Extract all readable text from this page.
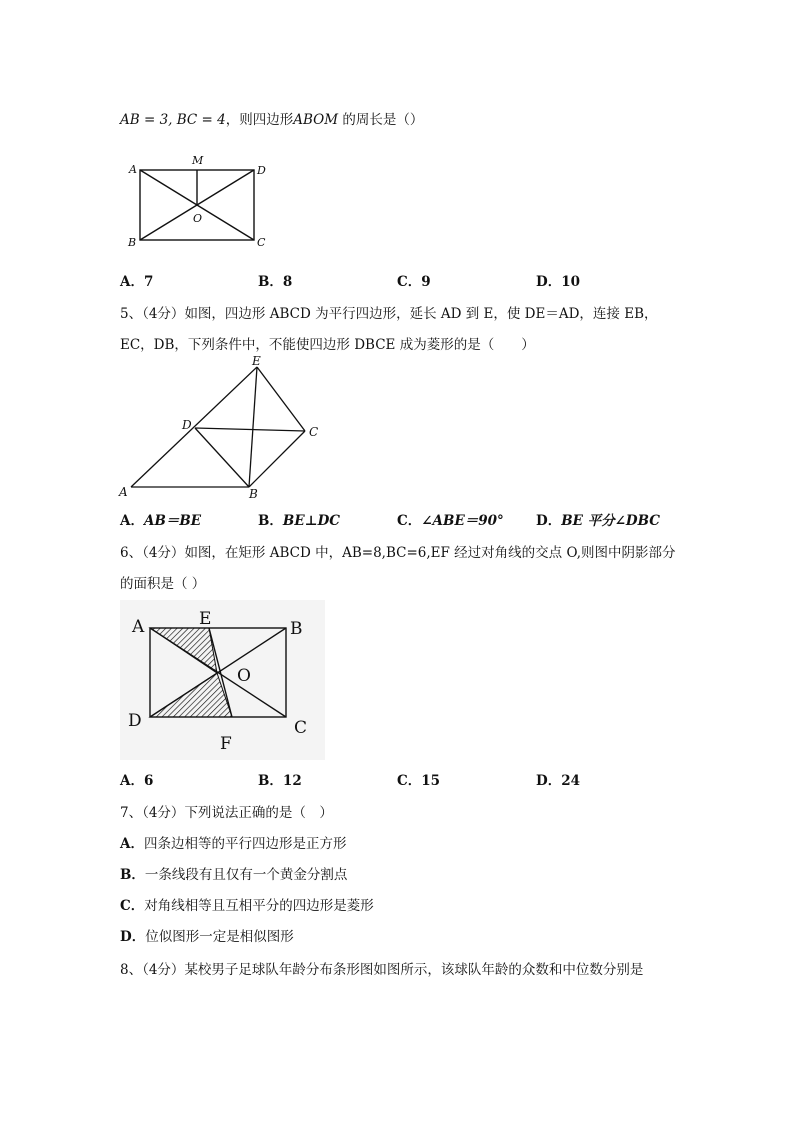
AB = 3, BC = 4，则四边形ABOM 的周长是（）
A
M
D
O
B	C
A．7	B．8	C．9	D．10
5、（4分）如图，四边形 ABCD 为平行四边形，延长 AD 到 E，使 DE＝AD，连接 EB，
EC，DB，下列条件中，不能使四边形 DBCE 成为菱形的是（　　）
E
D	C
A	B
A．AB＝BE	B．BE⊥DC	C．∠ABE＝90° D．BE 平分∠DBC
6、（4分）如图，在矩形 ABCD 中，AB=8,BC=6,EF 经过对角线的交点 O,则图中阴影部分
的面积是（ ）
A	E	B
O
D
F
C
A．6	B．12	C．15	D．24
7、（4分）下列说法正确的是（　）
A．四条边相等的平行四边形是正方形
B．一条线段有且仅有一个黄金分割点
C．对角线相等且互相平分的四边形是菱形
D．位似图形一定是相似图形
8、（4分）某校男子足球队年龄分布条形图如图所示，该球队年龄的众数和中位数分别是
